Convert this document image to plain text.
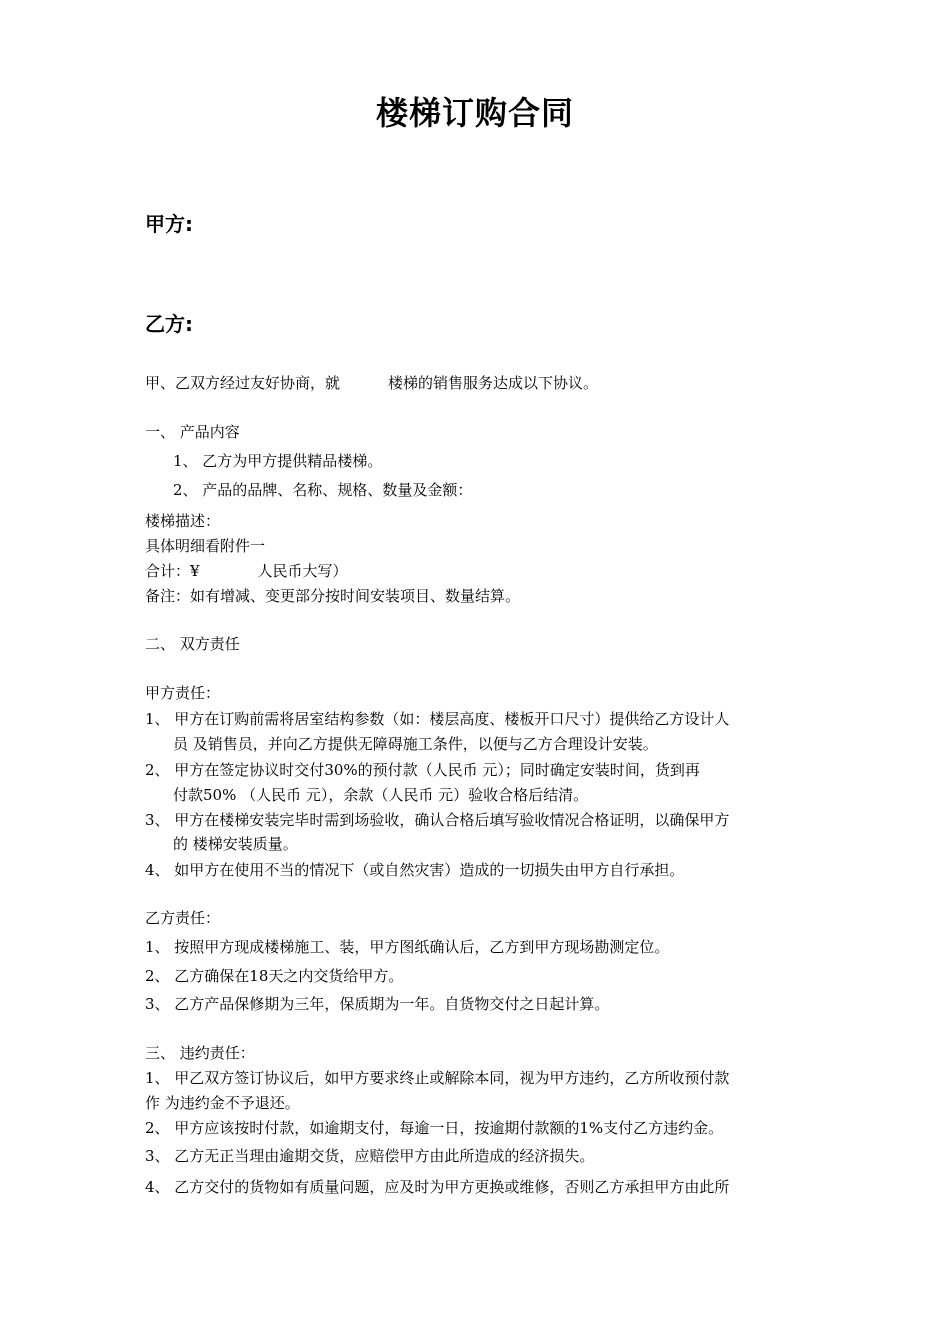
楼梯订购合同
甲方:
乙方:
甲、乙双方经过友好协商，就	楼梯的销售服务达成以下协议。
一、 产品内容
1、 乙方为甲方提供精品楼梯。
2、 产品的品牌、名称、规格、数量及金额：
楼梯描述：
具体明细看附件一
合计：¥	人民币大写）
备注：如有增减、变更部分按时间安装项目、数量结算。
二、 双方责任
甲方责任：
1、 甲方在订购前需将居室结构参数（如：楼层高度、楼板开口尺寸）提供给乙方设计人
员 及销售员，并向乙方提供无障碍施工条件，以便与乙方合理设计安装。
2、 甲方在签定协议时交付30%的预付款（人民币 元）；同时确定安装时间，货到再
付款50% （人民币 元），余款（人民币 元）验收合格后结清。
3、 甲方在楼梯安装完毕时需到场验收，确认合格后填写验收情况合格证明，以确保甲方
的 楼梯安装质量。
4、 如甲方在使用不当的情况下（或自然灾害）造成的一切损失由甲方自行承担。
乙方责任：
1、 按照甲方现成楼梯施工、装，甲方图纸确认后，乙方到甲方现场勘测定位。
2、 乙方确保在18天之内交货给甲方。
3、 乙方产品保修期为三年，保质期为一年。自货物交付之日起计算。
三、 违约责任：
1、 甲乙双方签订协议后，如甲方要求终止或解除本同，视为甲方违约，乙方所收预付款
作 为违约金不予退还。
2、 甲方应该按时付款，如逾期支付，每逾一日，按逾期付款额的1%支付乙方违约金。
3、 乙方无正当理由逾期交货，应赔偿甲方由此所造成的经济损失。
4、 乙方交付的货物如有质量问题，应及时为甲方更换或维修，否则乙方承担甲方由此所
